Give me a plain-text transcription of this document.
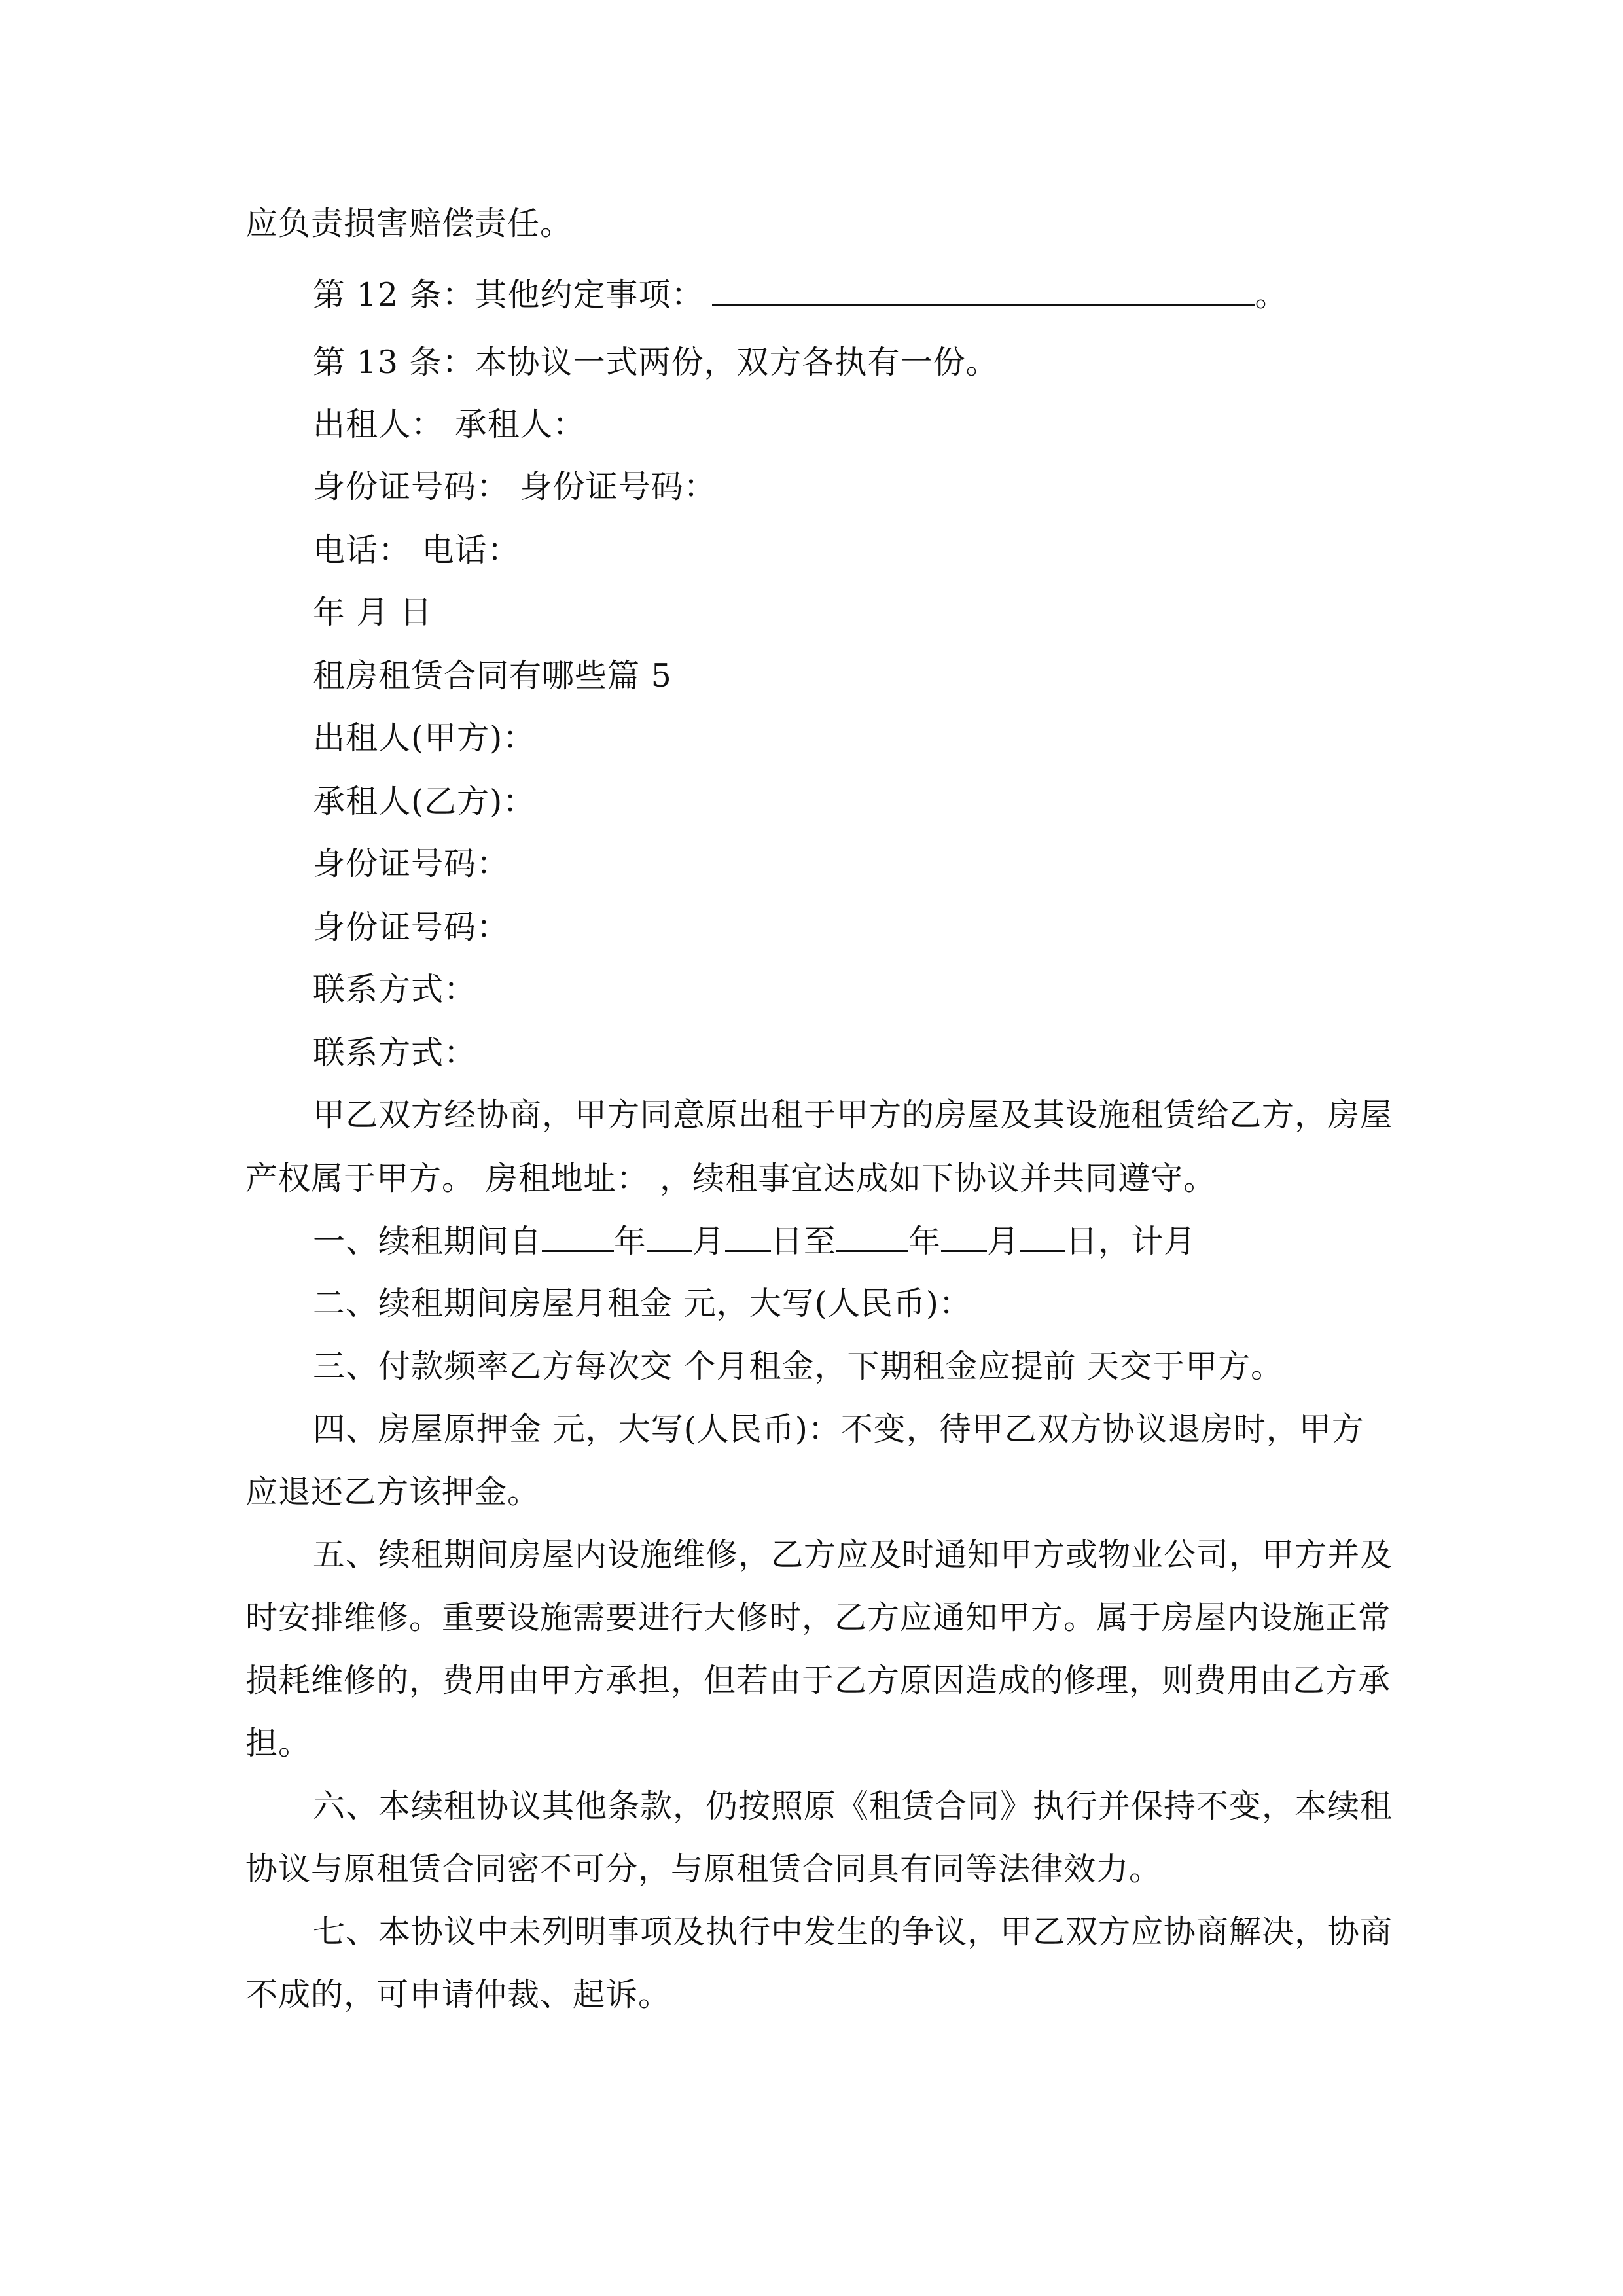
应负责损害赔偿责任。
第 12 条：其他约定事项：	。
第 13 条：本协议一式两份，双方各执有一份。
出租人： 承租人：
身份证号码： 身份证号码：
电话： 电话：
年 月 日
租房租赁合同有哪些篇 5
出租人(甲方)：
承租人(乙方)：
身份证号码：
身份证号码：
联系方式：
联系方式：
甲乙双方经协商，甲方同意原出租于甲方的房屋及其设施租赁给乙方，房屋
产权属于甲方。 房租地址： ，续租事宜达成如下协议并共同遵守。
一、续租期间自 年 月 日至 年 月 日，计月
二、续租期间房屋月租金 元，大写(人民币)：
三、付款频率乙方每次交 个月租金，下期租金应提前 天交于甲方。
四、房屋原押金 元，大写(人民币)：不变，待甲乙双方协议退房时，甲方
应退还乙方该押金。
五、续租期间房屋内设施维修，乙方应及时通知甲方或物业公司，甲方并及
时安排维修。重要设施需要进行大修时，乙方应通知甲方。属于房屋内设施正常
损耗维修的，费用由甲方承担，但若由于乙方原因造成的修理，则费用由乙方承
担。
六、本续租协议其他条款，仍按照原《租赁合同》执行并保持不变，本续租
协议与原租赁合同密不可分，与原租赁合同具有同等法律效力。
七、本协议中未列明事项及执行中发生的争议，甲乙双方应协商解决，协商
不成的，可申请仲裁、起诉。
